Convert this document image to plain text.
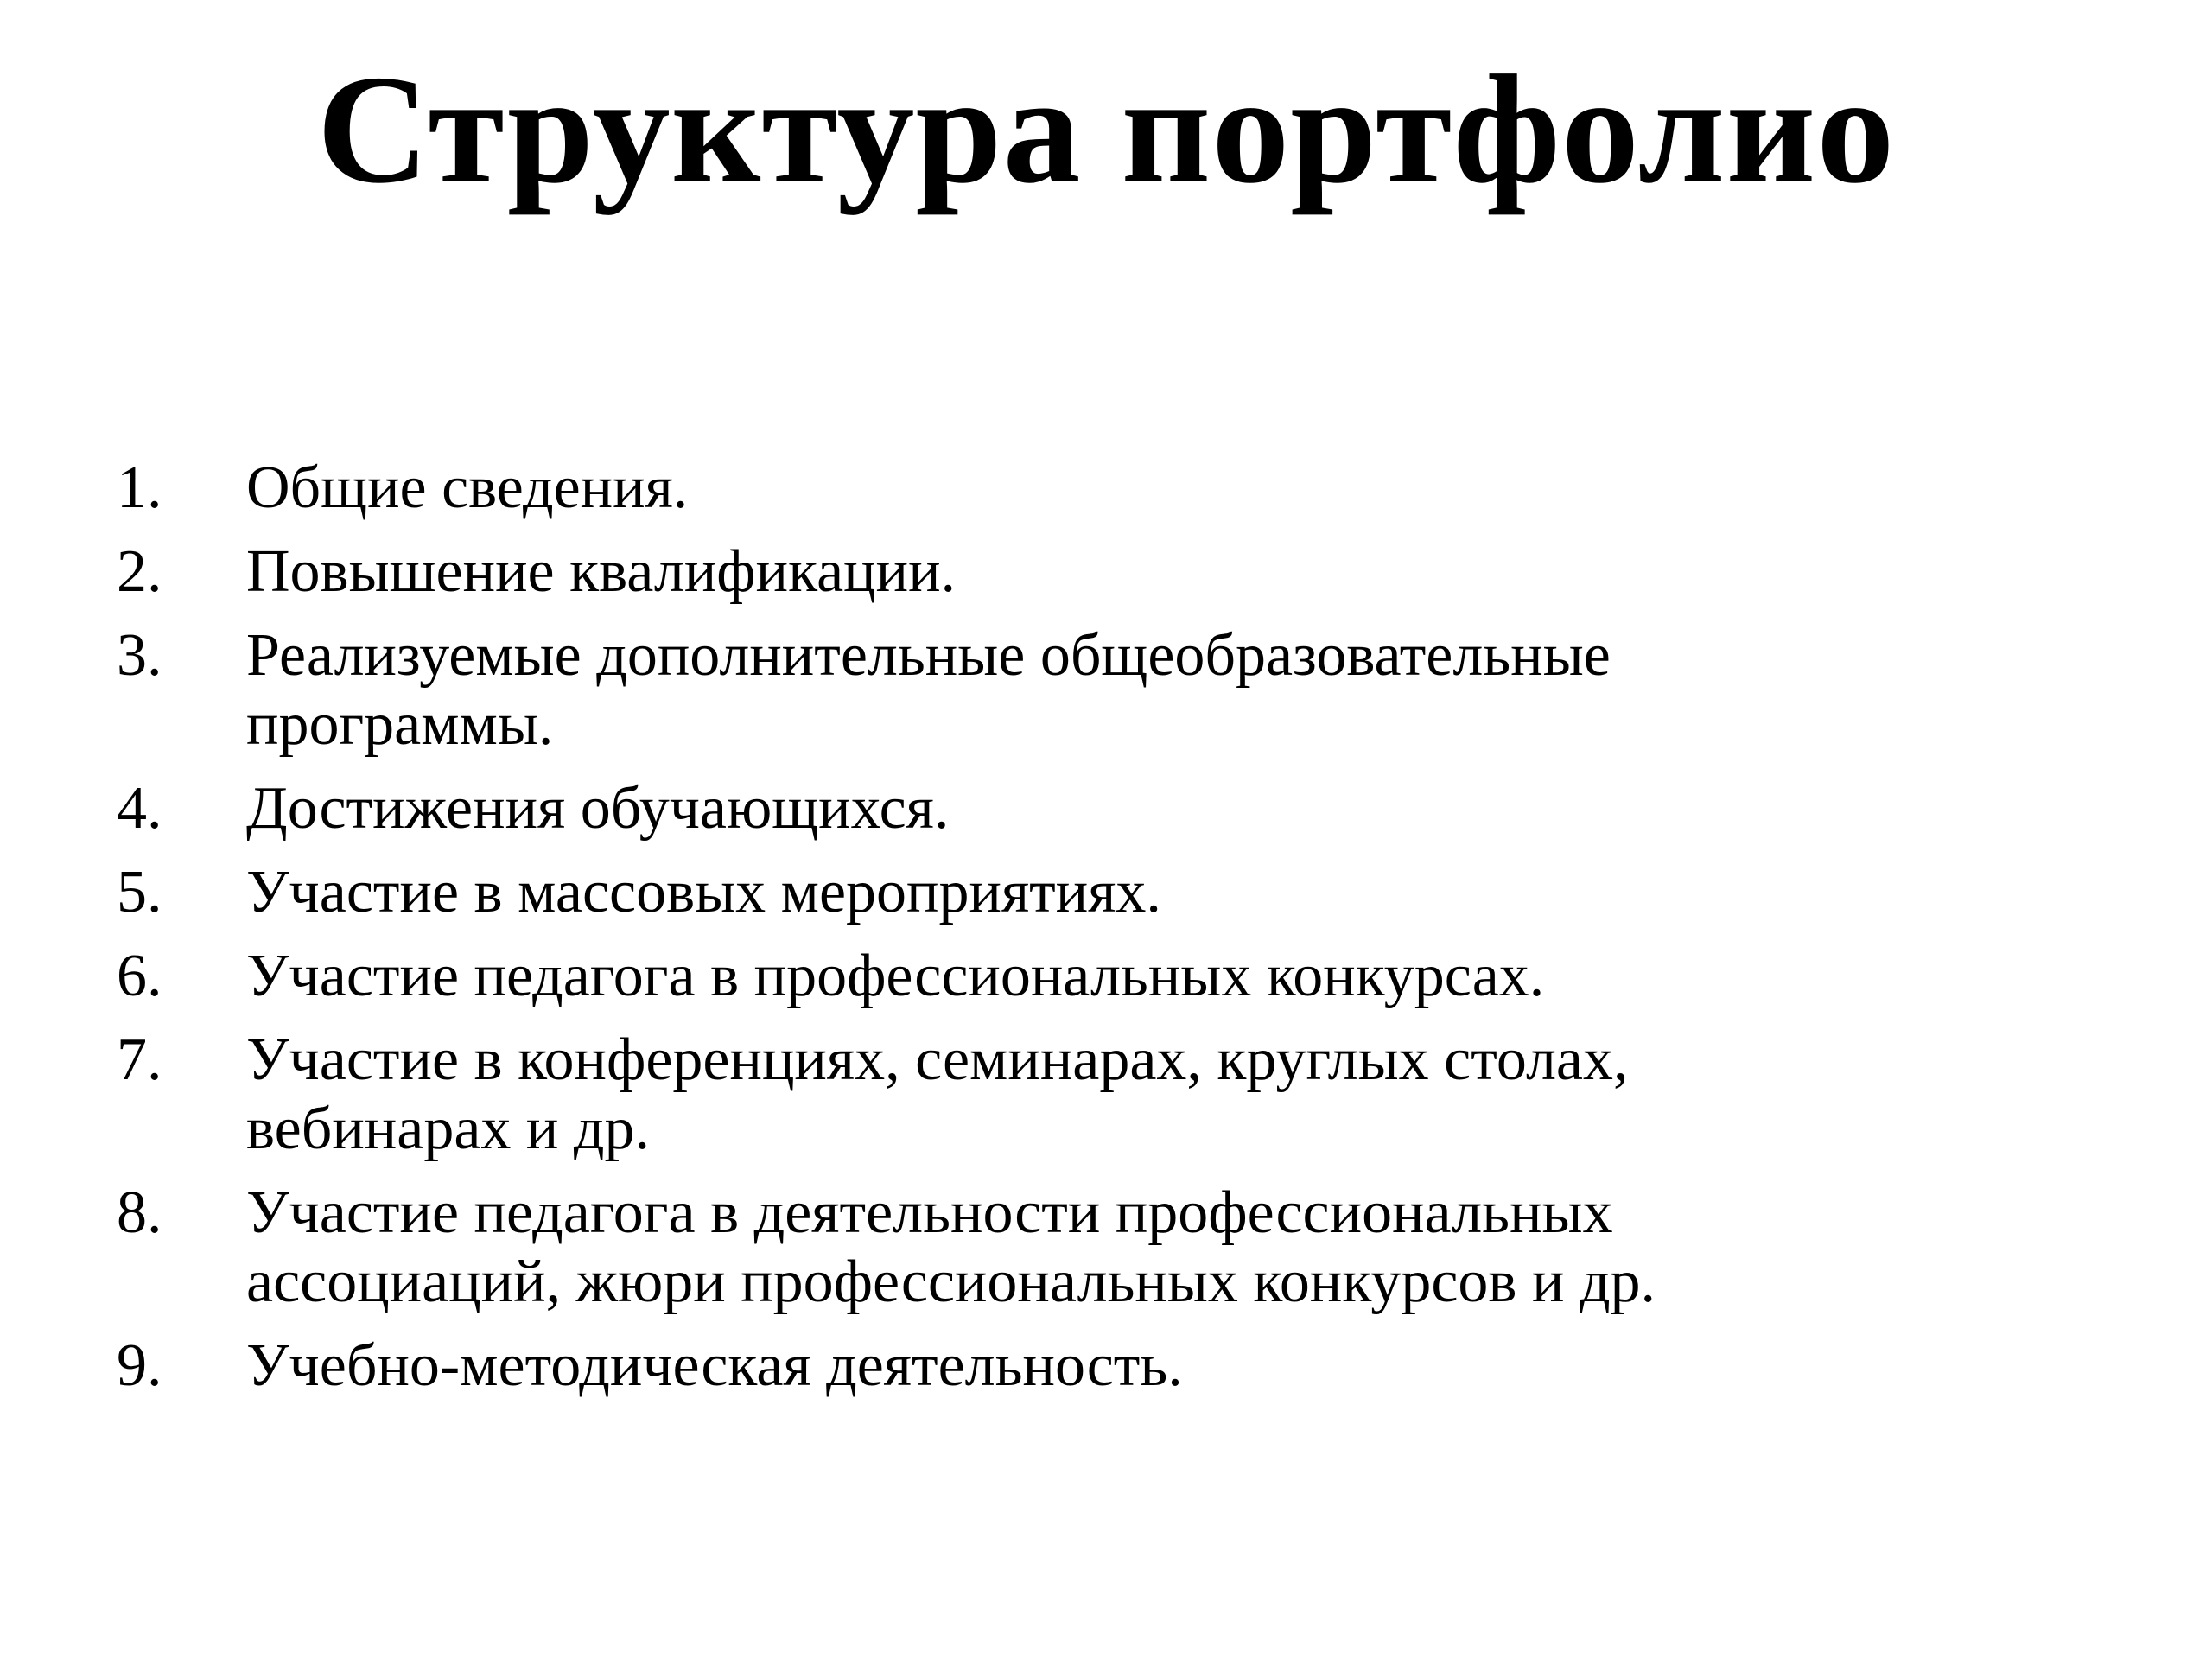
Структура портфолио
1.	Общие сведения.
2.	Повышение квалификации.
3.	Реализуемые дополнительные общеобразовательные
программы.
4.	Достижения обучающихся.
5.	Участие в массовых мероприятиях.
6.	Участие педагога в профессиональных конкурсах.
7.	Участие в конференциях, семинарах, круглых столах,
вебинарах и др.
8.	Участие педагога в деятельности профессиональных
ассоциаций, жюри профессиональных конкурсов и др.
9.	Учебно-методическая деятельность.
